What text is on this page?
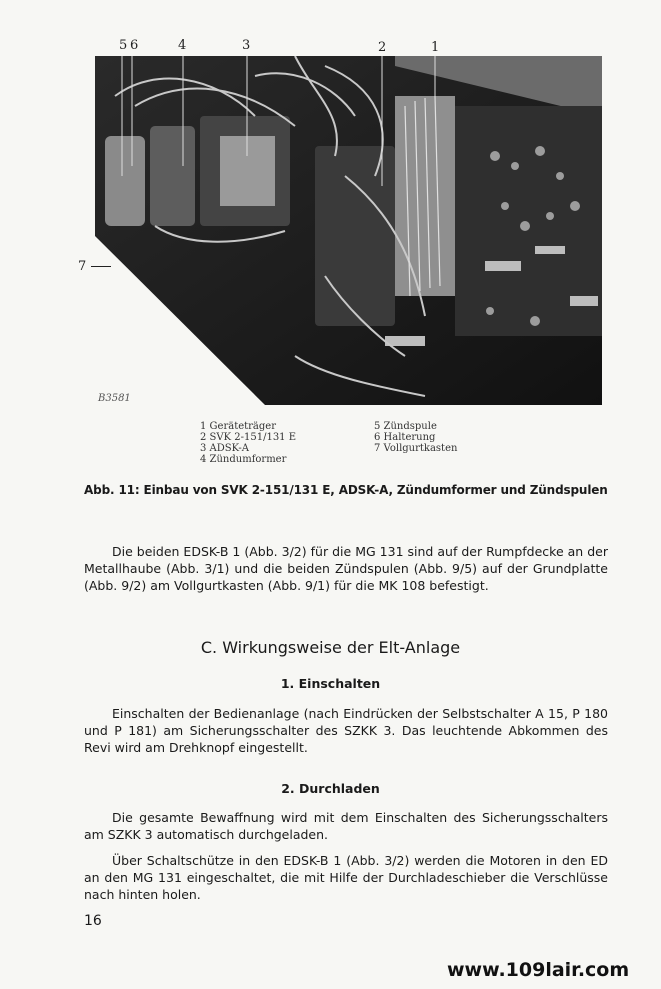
5 6	4	3	2	1
7
B3581
1 Geräteträger
2 SVK 2-151/131 E
3 ADSK-A
4 Zündumformer
5 Zündspule
6 Halterung
7 Vollgurtkasten
Abb. 11: Einbau von SVK 2-151/131 E, ADSK-A, Zündumformer und Zündspulen

Die beiden EDSK-B 1 (Abb. 3/2) für die MG 131 sind auf der Rumpfdecke an der Metallhaube (Abb. 3/1) und die beiden Zündspulen (Abb. 9/5) auf der Grundplatte (Abb. 9/2) am Vollgurtkasten (Abb. 9/1) für die MK 108 befestigt.

C. Wirkungsweise der Elt-Anlage
1. Einschalten

Einschalten der Bedienanlage (nach Eindrücken der Selbstschalter A 15, P 180 und P 181) am Sicherungsschalter des SZKK 3. Das leuchtende Abkommen des Revi wird am Drehknopf eingestellt.

2. Durchladen

Die gesamte Bewaffnung wird mit dem Einschalten des Sicherungsschalters am SZKK 3 automatisch durchgeladen.

Über Schaltschütze in den EDSK-B 1 (Abb. 3/2) werden die Motoren in den ED an den MG 131 eingeschaltet, die mit Hilfe der Durchladeschieber die Verschlüsse nach hinten holen.

16
www.109lair.com
